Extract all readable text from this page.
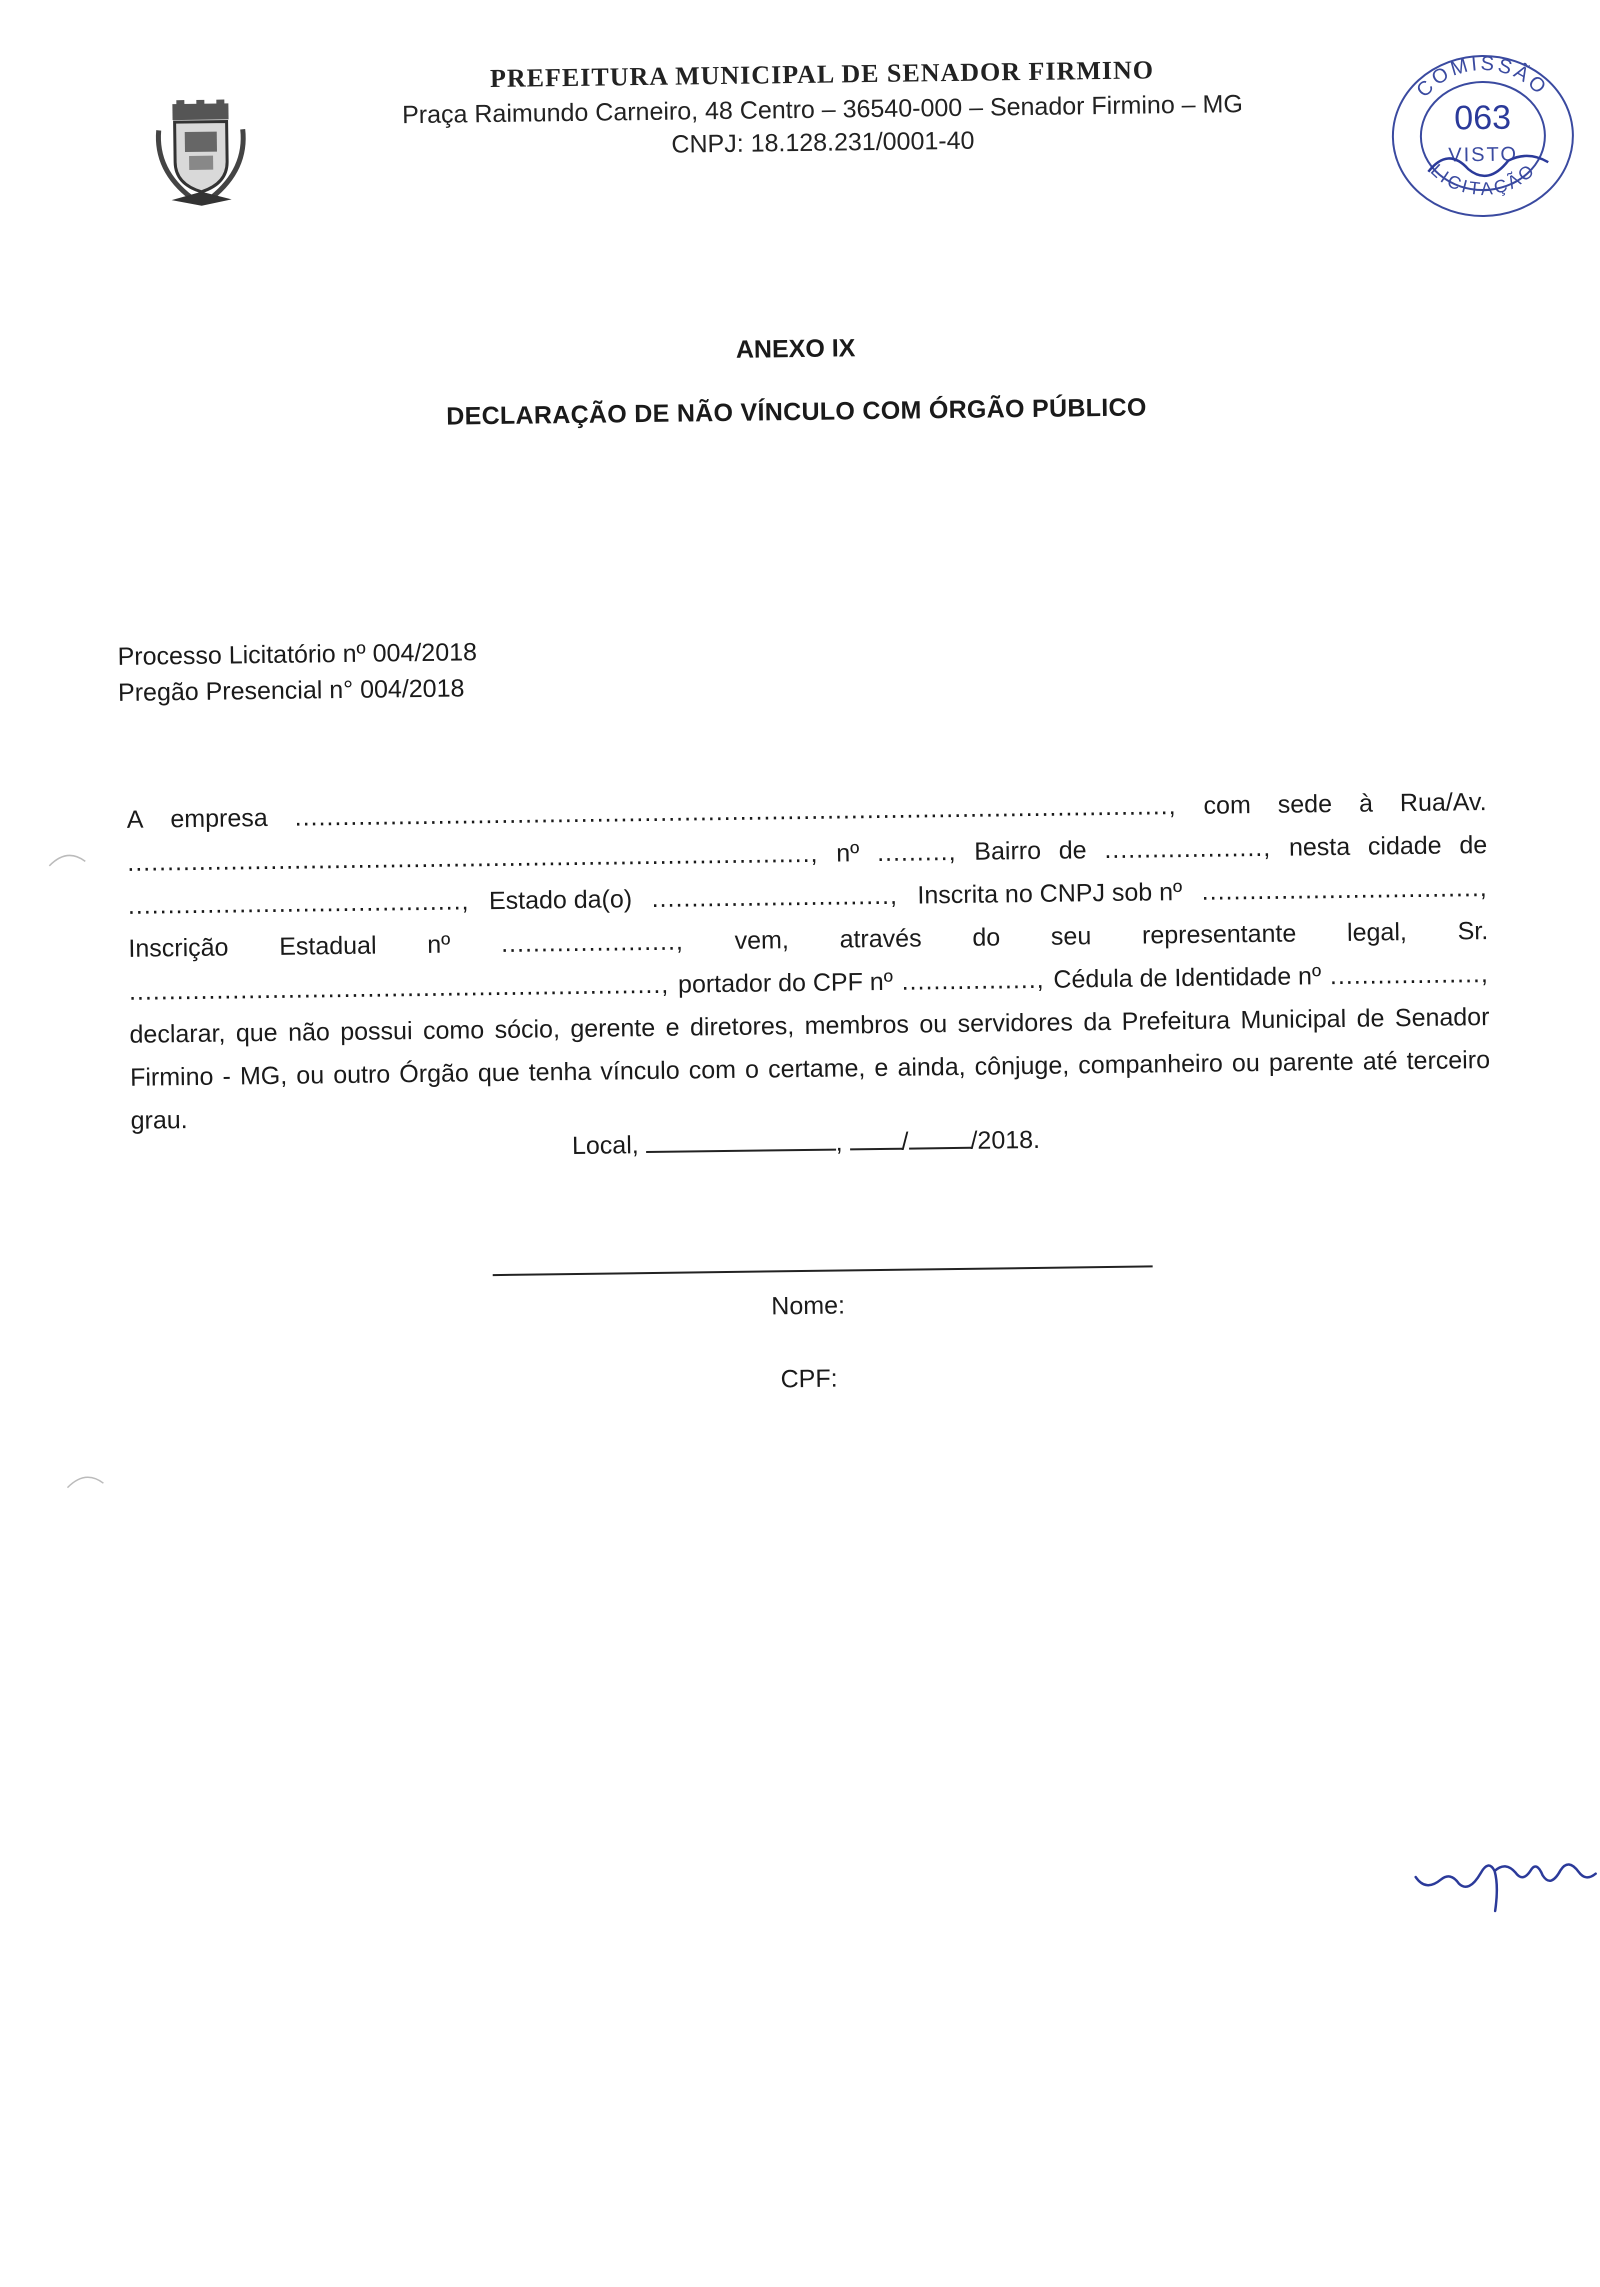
PREFEITURA MUNICIPAL DE SENADOR FIRMINO
Praça Raimundo Carneiro, 48 Centro – 36540-000 – Senador Firmino – MG
CNPJ: 18.128.231/0001-40
COMISSÃO
LICITAÇÃO
063
VISTO
ANEXO IX
DECLARAÇÃO DE NÃO VÍNCULO COM ÓRGÃO PÚBLICO
Processo Licitatório nº 004/2018
Pregão Presencial n° 004/2018
A empresa .............................................................................................................., com sede à Rua/Av.
......................................................................................, nº ........., Bairro de ...................., nesta cidade de
.........................................., Estado da(o) .............................., Inscrita no CNPJ sob nº ...................................,
Inscrição Estadual nº ......................, vem, através do seu representante legal, Sr.
..................................................................., portador do CPF nº ................., Cédula de Identidade nº ...................,

declarar, que não possui como sócio, gerente e diretores, membros ou servidores da Prefeitura Municipal de Senador Firmino - MG, ou outro Órgão que tenha vínculo com o certame, e ainda, cônjuge, companheiro ou parente até terceiro grau.

Local,	, / /2018.
Nome:
CPF:
